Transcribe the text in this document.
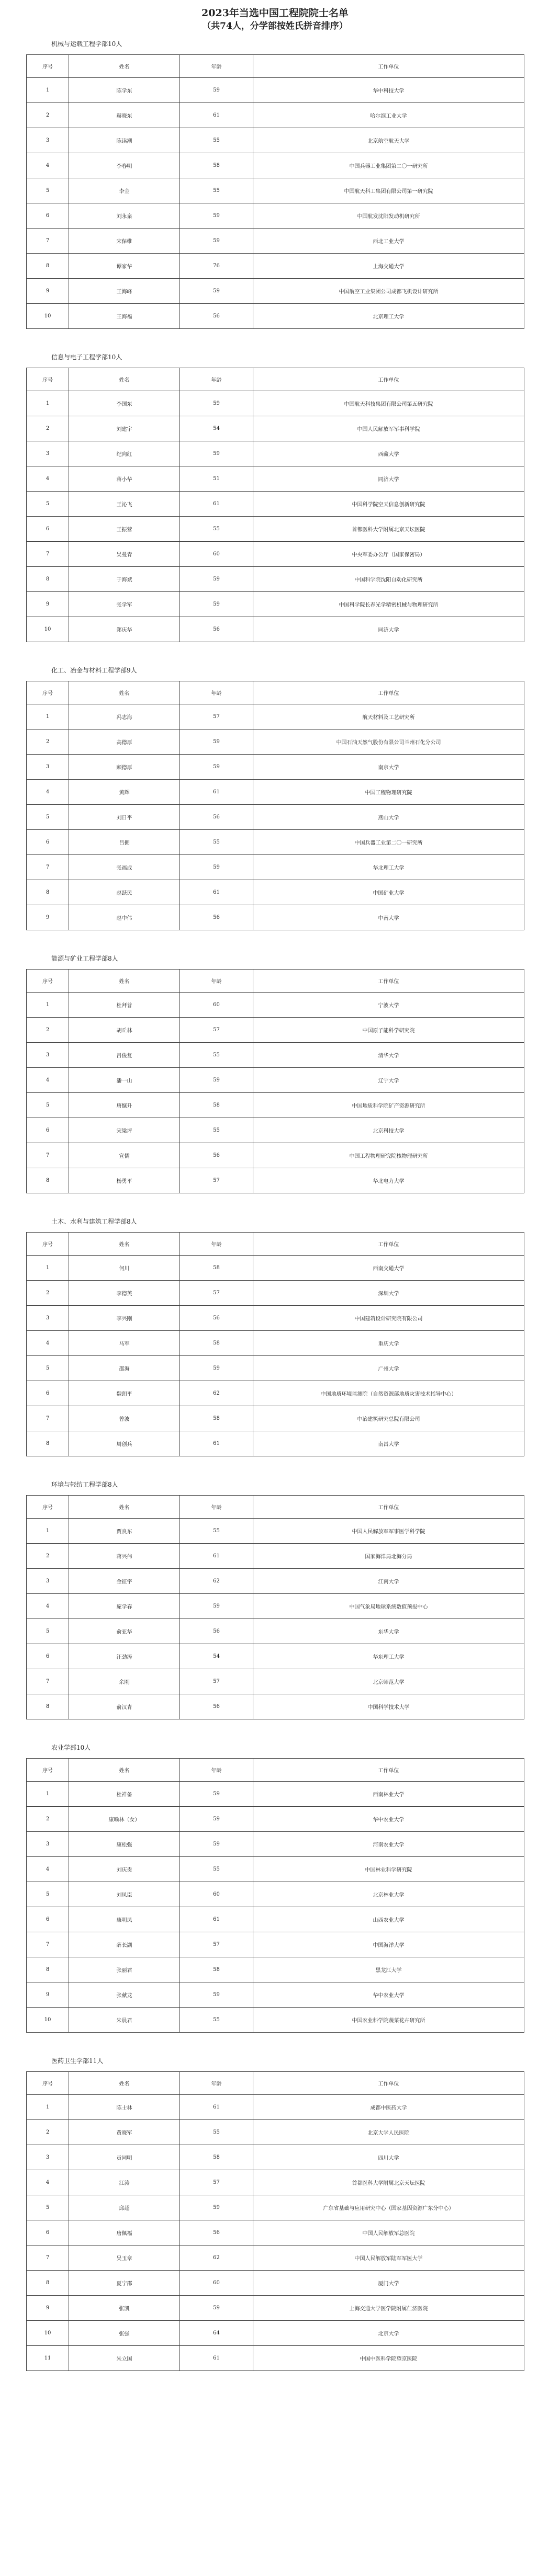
2023年当选中国工程院院士名单
（共74人，分学部按姓氏拼音排序）
机械与运载工程学部10人
序号	姓名	年龄	工作单位
1	陈学东	59	华中科技大学
2	赫晓东	61	哈尔滨工业大学
3	陈读潮	55	北京航空航天大学
4	李春明	58	中国兵器工业集团第二〇一研究所
5	李金	55	中国航天科工集团有限公司第一研究院
6	刘永泉	59	中国航发沈阳发动机研究所
7	宋保维	59	西北工业大学
8	谭家华	76	上海交通大学
9	王海峰	59	中国航空工业集团公司成都飞机设计研究所
10	王海福	56	北京理工大学
信息与电子工程学部10人
序号	姓名	年龄	工作单位
1	李国东	59	中国航天科技集团有限公司第五研究院
2	刘建宇	54	中国人民解放军军事科学院
3	纪向红	59	西藏大学
4	蒋小华	51	同济大学
5	王沁飞	61	中国科学院空天信息创新研究院
6	王振营	55	首都医科大学附属北京天坛医院
7	吴曼青	60	中央军委办公厅（国家保密局）
8	于海斌	59	中国科学院沈阳自动化研究所
9	张学军	59	中国科学院长春光学精密机械与物理研究所
10	郑庆华	56	同济大学
化工、冶金与材料工程学部9人
序号	姓名	年龄	工作单位
1	冯志海	57	航天材料及工艺研究所
2	高德厚	59	中国石油天然气股份有限公司兰州石化分公司
3	顾德厚	59	南京大学
4	黄辉	61	中国工程物理研究院
5	刘日平	56	燕山大学
6	吕拥	55	中国兵器工业第二〇一研究所
7	张福成	59	华北理工大学
8	赵跃民	61	中国矿业大学
9	赵中伟	56	中南大学
能源与矿业工程学部8人
序号	姓名	年龄	工作单位
1	杜拜普	60	宁波大学
2	胡丘林	57	中国原子能科学研究院
3	吕俊复	55	清华大学
4	潘一山	59	辽宁大学
5	唐慷升	58	中国地质科学院矿产资源研究所
6	宋梁坪	55	北京科技大学
7	宣儒	56	中国工程物理研究院核物理研究所
8	杨勇平	57	华北电力大学
土木、水利与建筑工程学部8人
序号	姓名	年龄	工作单位
1	何川	58	西南交通大学
2	李德英	57	深圳大学
3	李兴刚	56	中国建筑设计研究院有限公司
4	马军	58	重庆大学
5	邵海	59	广州大学
6	魏朗平	62	中国地质环境监测院（自然资源部地质灾害技术指导中心）
7	曾波	58	中冶建筑研究总院有限公司
8	周创兵	61	南昌大学
环境与轻纺工程学部8人
序号	姓名	年龄	工作单位
1	贾良东	55	中国人民解放军军事医学科学院
2	蒋兴伟	61	国家海洋局北海分局
3	金征宇	62	江南大学
4	庞学春	59	中国气象局地球系统数值预报中心
5	俞亚华	56	东华大学
6	汪劲涛	54	华东理工大学
7	余刚	57	北京师范大学
8	俞汉青	56	中国科学技术大学
农业学部10人
序号	姓名	年龄	工作单位
1	杜祥备	59	西南林业大学
2	康喻林（女）	59	华中农业大学
3	康松强	59	河南农业大学
4	刘庆贵	55	中国林业科学研究院
5	刘凤臣	60	北京林业大学
6	康明凤	61	山西农业大学
7	薛长湖	57	中国海洋大学
8	张丽君	58	黑龙江大学
9	张献龙	59	华中农业大学
10	朱晨君	55	中国农业科学院蔬菜花卉研究所
医药卫生学部11人
序号	姓名	年龄	工作单位
1	陈士林	61	成都中医药大学
2	黄晓军	55	北京大学人民医院
3	贡同明	58	四川大学
4	江涛	57	首都医科大学附属北京天坛医院
5	邱超	59	广东省基础与应用研究中心（国家基因资源广东分中心）
6	唐佩福	56	中国人民解放军总医院
7	吴玉章	62	中国人民解放军陆军军医大学
8	夏宁邵	60	厦门大学
9	张凯	59	上海交通大学医学院附属仁济医院
10	张强	64	北京大学
11	朱立国	61	中国中医科学院望京医院
